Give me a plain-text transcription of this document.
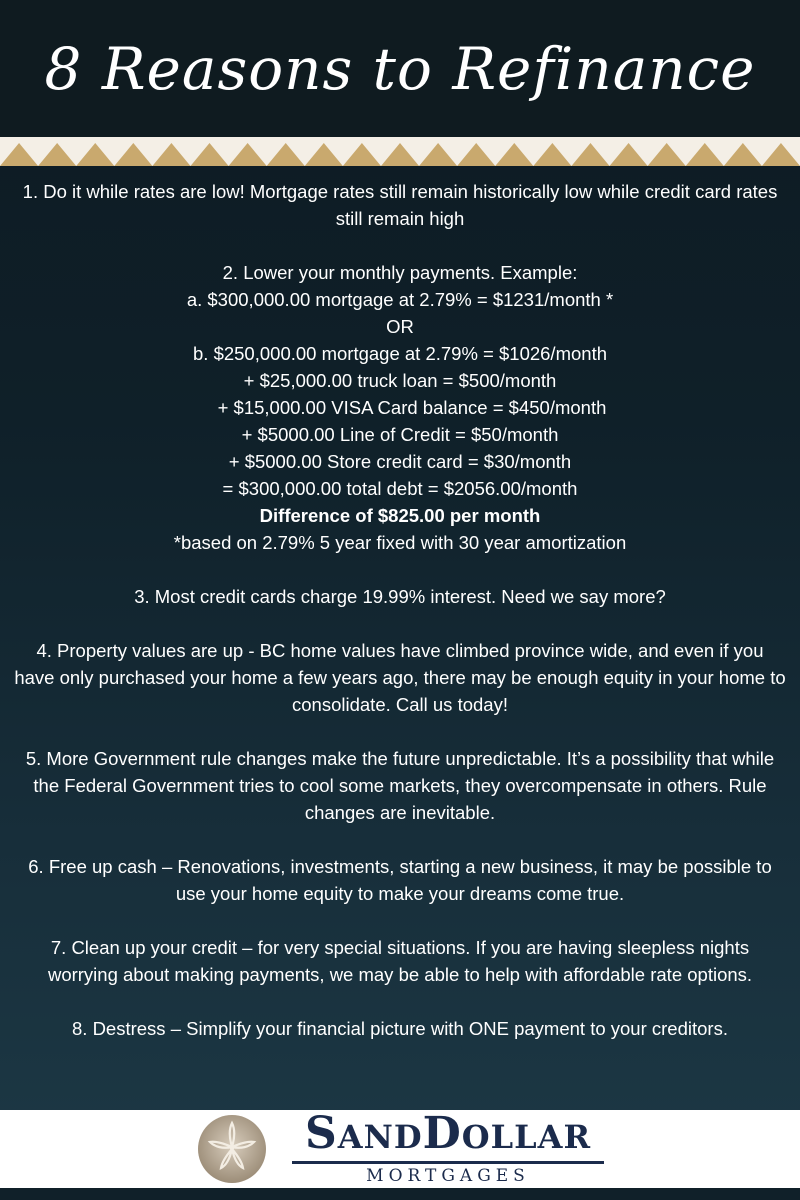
8 Reasons to Refinance

1. Do it while rates are low! Mortgage rates still remain historically low while credit card rates still remain high

2. Lower your monthly payments. Example:

a. $300,000.00 mortgage at 2.79% = $1231/month *

OR

b. $250,000.00 mortgage at 2.79% = $1026/month

+ $25,000.00 truck loan = $500/month

+ $15,000.00 VISA Card balance = $450/month

+ $5000.00 Line of Credit = $50/month

+ $5000.00 Store credit card = $30/month

= $300,000.00 total debt = $2056.00/month

Difference of $825.00 per month

*based on 2.79% 5 year fixed with 30 year amortization

3. Most credit cards charge 19.99% interest. Need we say more?

4. Property values are up - BC home values have climbed province wide, and even if you have only purchased your home a few years ago, there may be enough equity in your home to consolidate. Call us today!

5. More Government rule changes make the future unpredictable. It’s a possibility that while the Federal Government tries to cool some markets, they overcompensate in others. Rule changes are inevitable.

6. Free up cash – Renovations, investments, starting a new business, it may be possible to use your home equity to make your dreams come true.

7. Clean up your credit – for very special situations. If you are having sleepless nights worrying about making payments, we may be able to help with affordable rate options.

8. Destress – Simplify your financial picture with ONE payment to your creditors.

SANDDOLLAR
MORTGAGES
